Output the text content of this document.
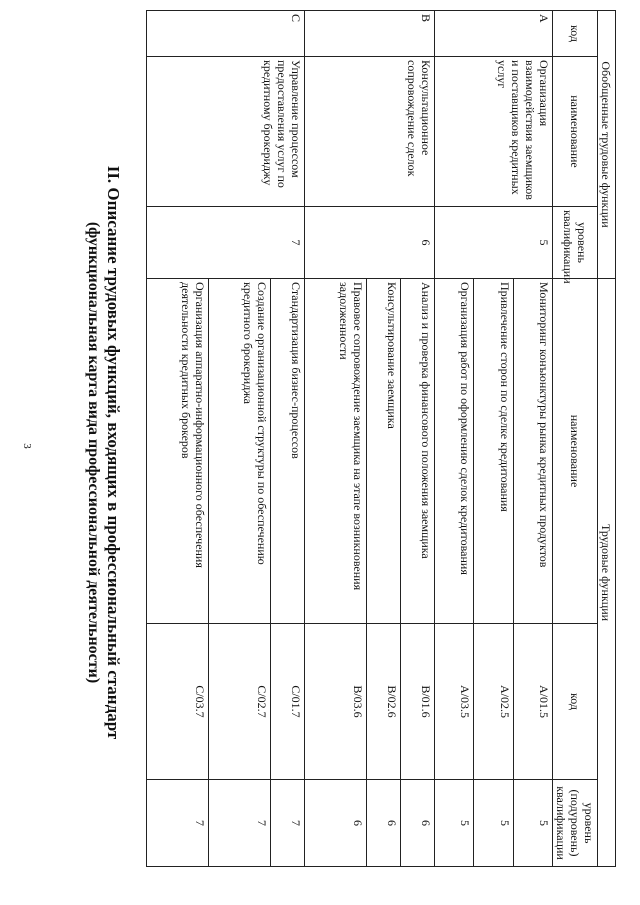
3
Обобщенные трудовые функции			Трудовые функции		
код	наименование	уровень квалификации	наименование	код	уровень (подуровень) квалификации
A	Организация взаимодействия заемщиков и поставщиков кредитных услуг	5	Мониторинг конъюнктуры рынка кредитных продуктов	A/01.5	5
			Привлечение сторон по сделке кредитования	A/02.5	5
			Организация работ по оформлению сделок кредитования	A/03.5	5
B	Консультационное сопровождение сделок	6	Анализ и проверка финансового положения заемщика	B/01.6	6
			Консультирование заемщика	B/02.6	6
			Правовое сопровождение заемщика на этапе возникновения задолженности	B/03.6	6
C	Управление процессом предоставления услуг по кредитному брокериджу	7	Стандартизация бизнес-процессов	C/01.7	7
			Создание организационной структуры по обеспечению кредитного брокериджа	C/02.7	7
			Организация аппаратно-информационного обеспечения деятельности кредитных брокеров	C/03.7	7
II. Описание трудовых функций, входящих в профессиональный стандарт
(функциональная карта вида профессиональной деятельности)
